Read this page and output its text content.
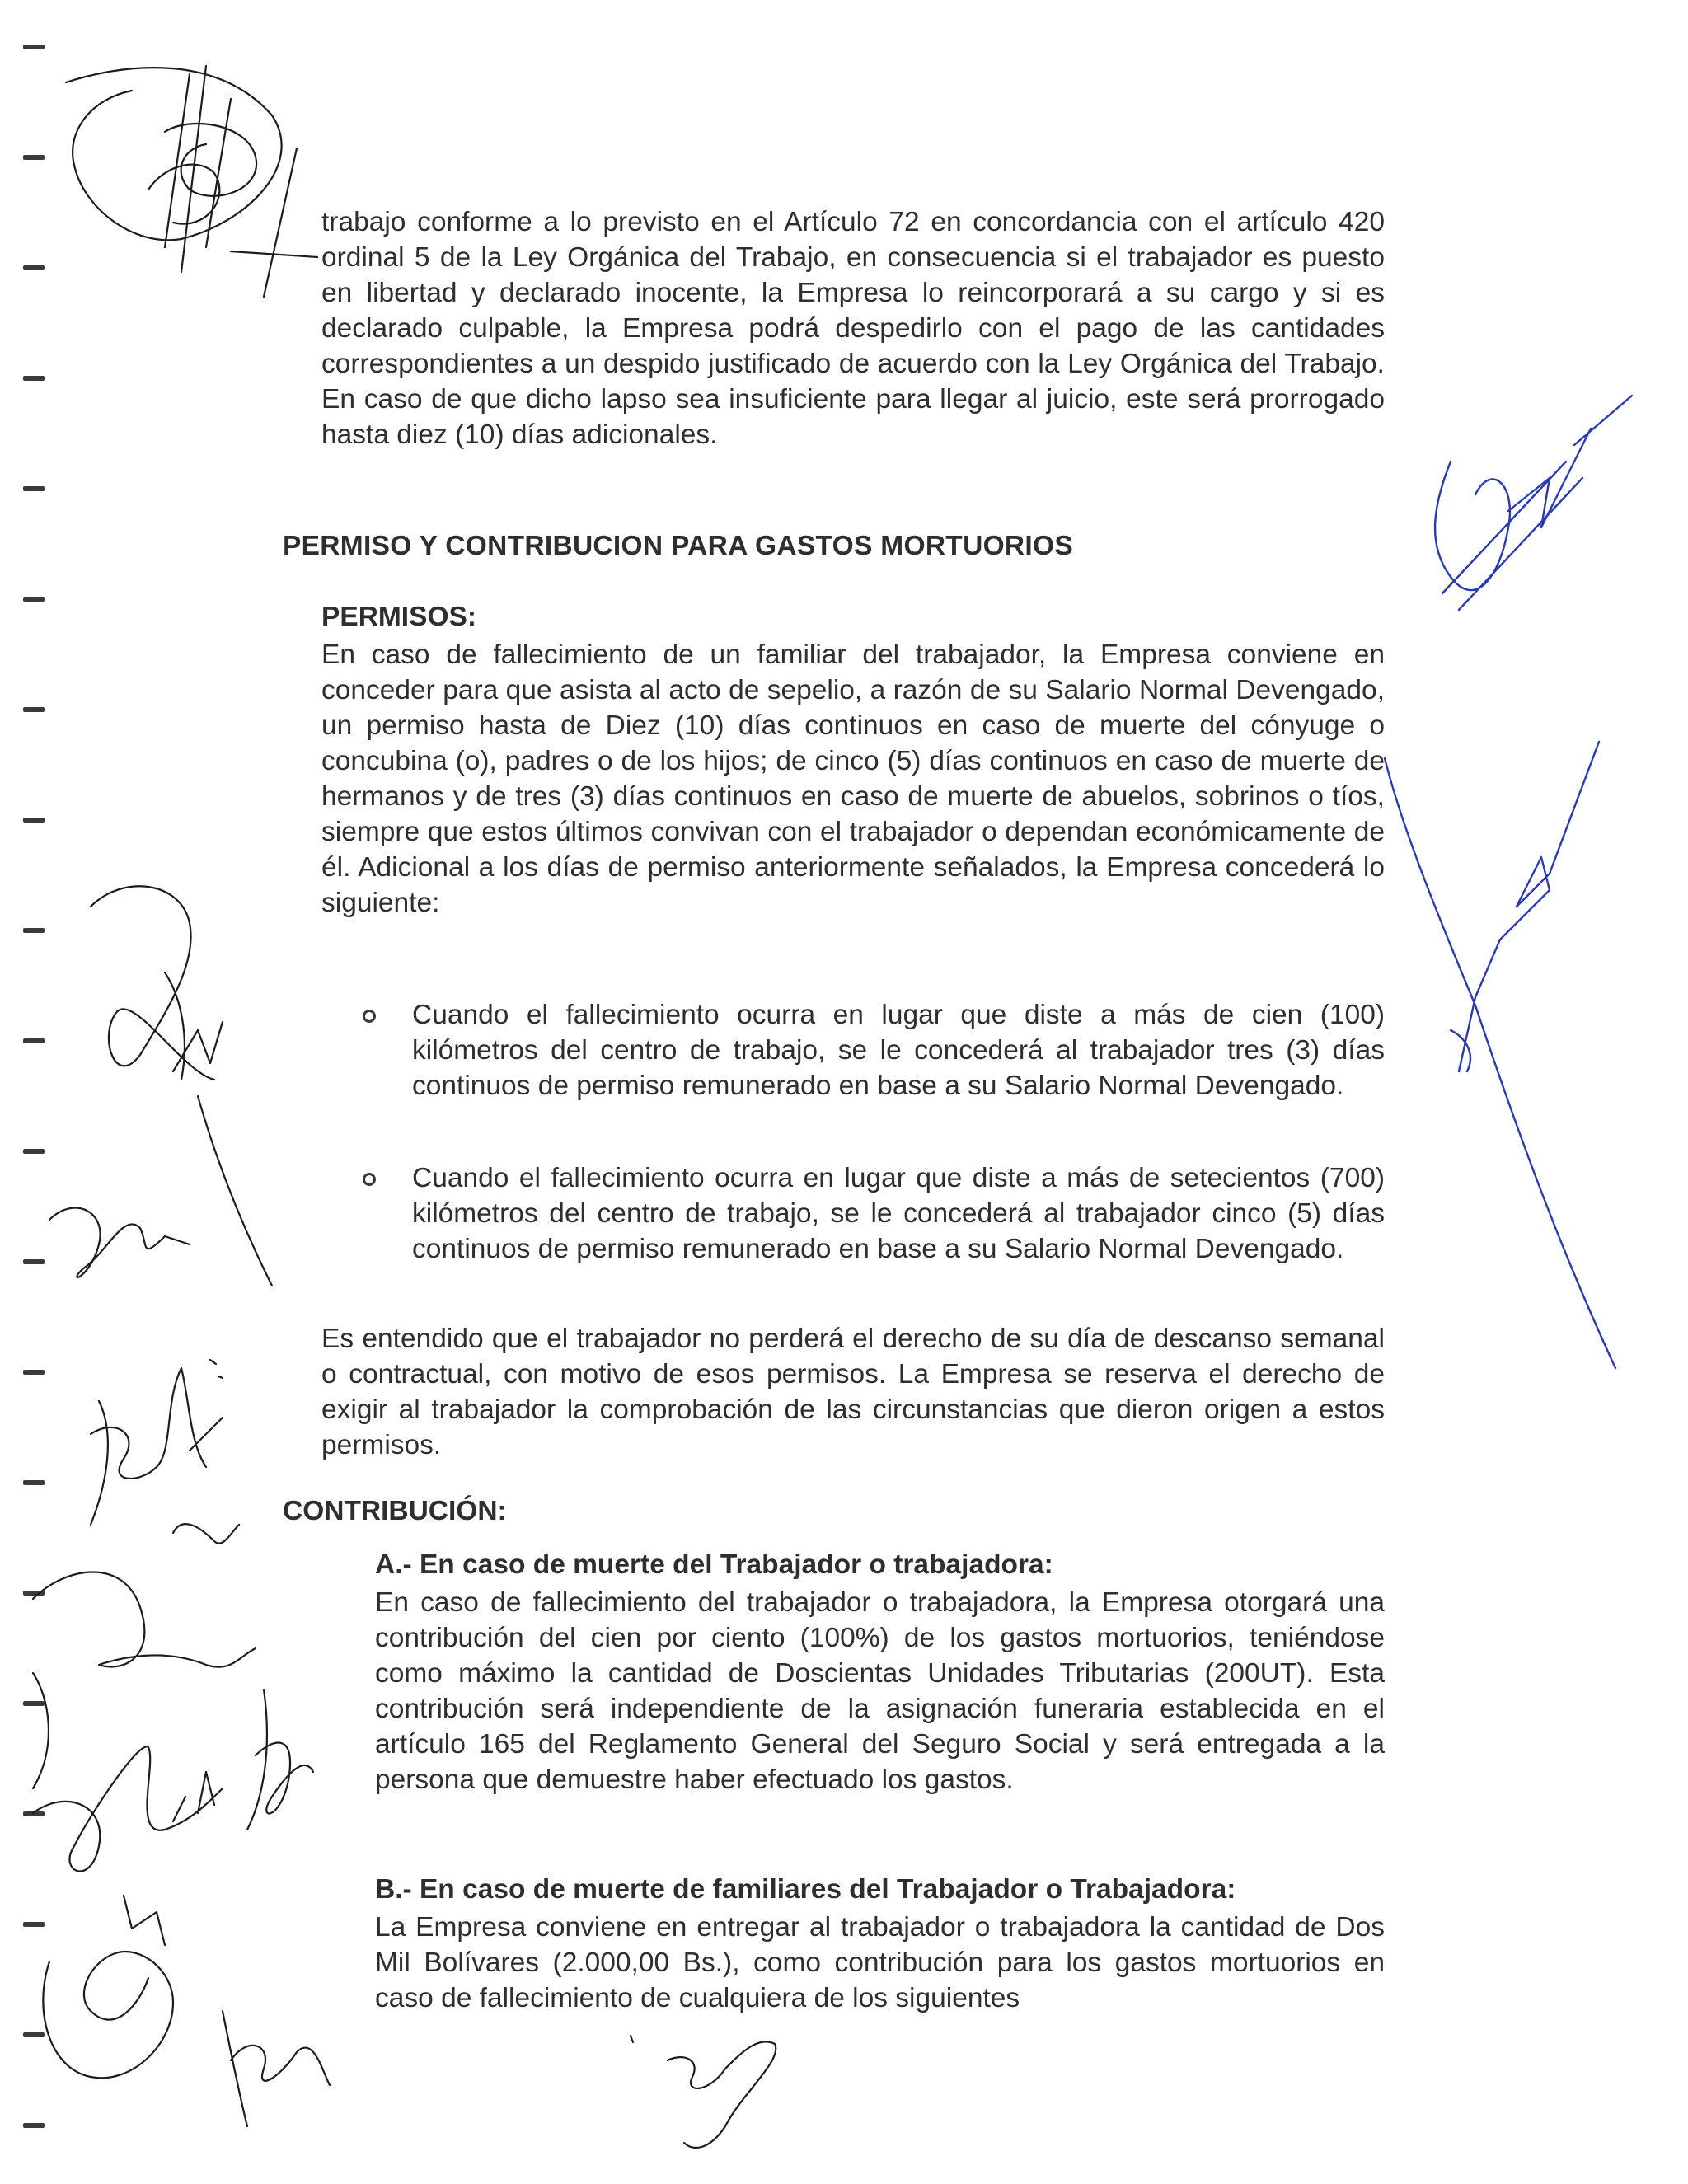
trabajo conforme a lo previsto en el Artículo 72 en concordancia con el artículo 420 ordinal 5 de la Ley Orgánica del Trabajo, en consecuencia si el trabajador es puesto en libertad y declarado inocente, la Empresa lo reincorporará a su cargo y si es declarado culpable, la Empresa podrá despedirlo con el pago de las cantidades correspondientes a un despido justificado de acuerdo con la Ley Orgánica del Trabajo. En caso de que dicho lapso sea insuficiente para llegar al juicio, este será prorrogado hasta diez (10) días adicionales.

PERMISO Y CONTRIBUCION PARA GASTOS MORTUORIOS
PERMISOS:

En caso de fallecimiento de un familiar del trabajador, la Empresa conviene en conceder para que asista al acto de sepelio, a razón de su Salario Normal Devengado, un permiso hasta de Diez (10) días continuos en caso de muerte del cónyuge o concubina (o), padres o de los hijos; de cinco (5) días continuos en caso de muerte de hermanos y de tres (3) días continuos en caso de muerte de abuelos, sobrinos o tíos, siempre que estos últimos convivan con el trabajador o dependan económicamente de él. Adicional a los días de permiso anteriormente señalados, la Empresa concederá lo siguiente:

Cuando el fallecimiento ocurra en lugar que diste a más de cien (100) kilómetros del centro de trabajo, se le concederá al trabajador tres (3) días continuos de permiso remunerado en base a su Salario Normal Devengado.
Cuando el fallecimiento ocurra en lugar que diste a más de setecientos (700) kilómetros del centro de trabajo, se le concederá al trabajador cinco (5) días continuos de permiso remunerado en base a su Salario Normal Devengado.

Es entendido que el trabajador no perderá el derecho de su día de descanso semanal o contractual, con motivo de esos permisos. La Empresa se reserva el derecho de exigir al trabajador la comprobación de las circunstancias que dieron origen a estos permisos.

CONTRIBUCIÓN:
A.- En caso de muerte del Trabajador o trabajadora:

En caso de fallecimiento del trabajador o trabajadora, la Empresa otorgará una contribución del cien por ciento (100%) de los gastos mortuorios, teniéndose como máximo la cantidad de Doscientas Unidades Tributarias (200UT). Esta contribución será independiente de la asignación funeraria establecida en el artículo 165 del Reglamento General del Seguro Social y será entregada a la persona que demuestre haber efectuado los gastos.

B.- En caso de muerte de familiares del Trabajador o Trabajadora:

La Empresa conviene en entregar al trabajador o trabajadora la cantidad de Dos Mil Bolívares (2.000,00 Bs.), como contribución para los gastos mortuorios en caso de fallecimiento de cualquiera de los siguientes
